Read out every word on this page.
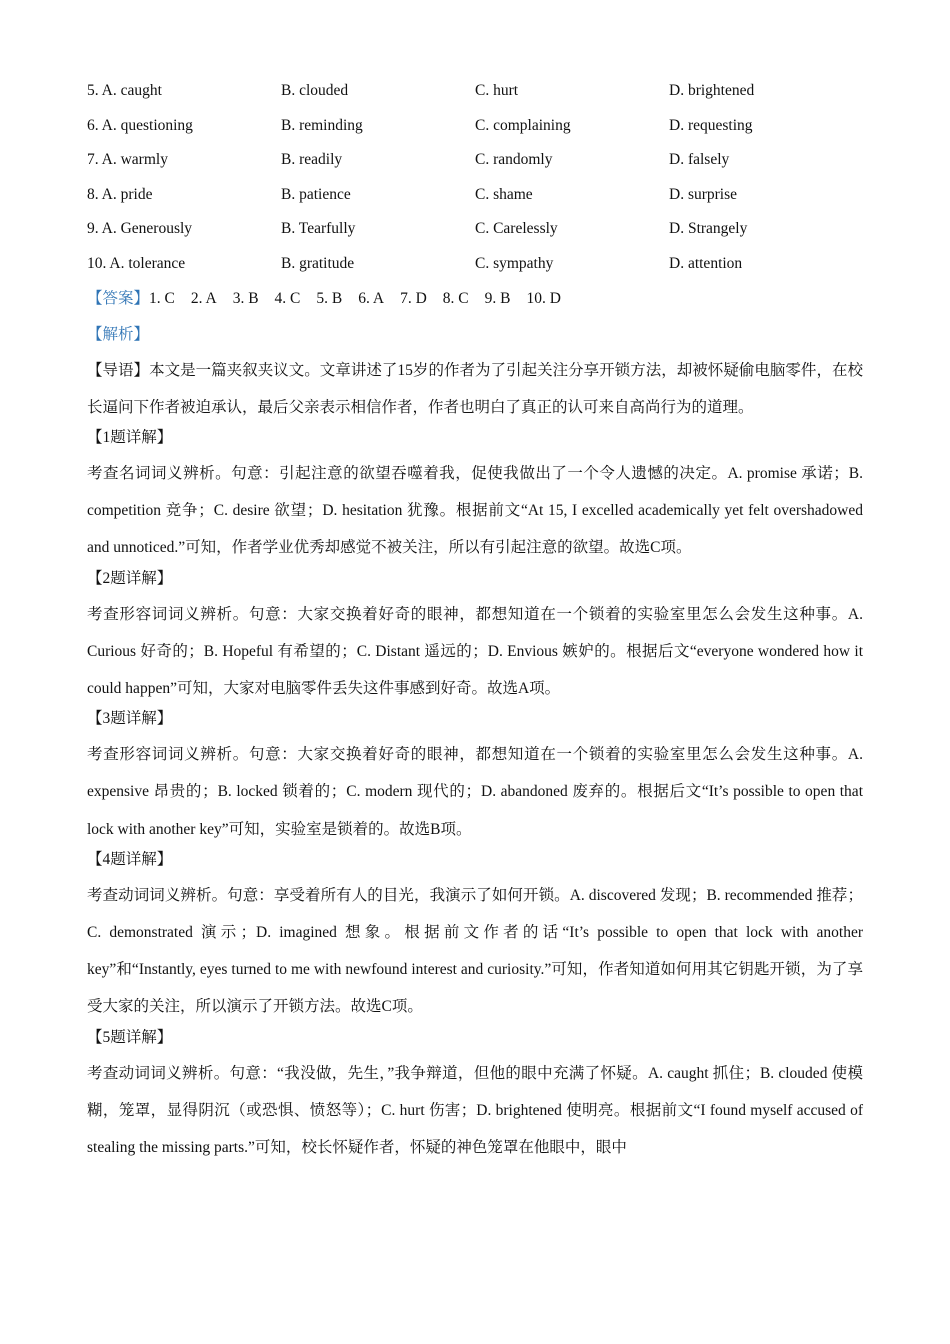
5. A. caught	B. clouded	C. hurt	D. brightened
6. A. questioning	B. reminding	C. complaining	D. requesting
7. A. warmly	B. readily	C. randomly	D. falsely
8. A. pride	B. patience	C. shame	D. surprise
9. A. Generously	B. Tearfully	C. Carelessly	D. Strangely
10. A. tolerance	B. gratitude	C. sympathy	D. attention
【答案】1. C 2. A 3. B 4. C 5. B 6. A 7. D 8. C 9. B 10. D
【解析】

【导语】本文是一篇夹叙夹议文。文章讲述了15岁的作者为了引起关注分享开锁方法，却被怀疑偷电脑零件，在校长逼问下作者被迫承认，最后父亲表示相信作者，作者也明白了真正的认可来自高尚行为的道理。

【1题详解】

考查名词词义辨析。句意：引起注意的欲望吞噬着我，促使我做出了一个令人遗憾的决定。A. promise 承诺；B. competition 竞争；C. desire 欲望；D. hesitation 犹豫。根据前文“At 15, I excelled academically yet felt overshadowed and unnoticed.”可知，作者学业优秀却感觉不被关注，所以有引起注意的欲望。故选C项。

【2题详解】

考查形容词词义辨析。句意：大家交换着好奇的眼神，都想知道在一个锁着的实验室里怎么会发生这种事。A. Curious 好奇的；B. Hopeful 有希望的；C. Distant 遥远的；D. Envious 嫉妒的。根据后文“everyone wondered how it could happen”可知，大家对电脑零件丢失这件事感到好奇。故选A项。

【3题详解】

考查形容词词义辨析。句意：大家交换着好奇的眼神，都想知道在一个锁着的实验室里怎么会发生这种事。A. expensive 昂贵的；B. locked 锁着的；C. modern 现代的；D. abandoned 废弃的。根据后文“It’s possible to open that lock with another key”可知，实验室是锁着的。故选B项。

【4题详解】

考查动词词义辨析。句意：享受着所有人的目光，我演示了如何开锁。A. discovered 发现；B. recommended 推荐；C. demonstrated 演示；D. imagined 想象。根据前文作者的话“It’s possible to open that lock with another key”和“Instantly, eyes turned to me with newfound interest and curiosity.”可知，作者知道如何用其它钥匙开锁，为了享受大家的关注，所以演示了开锁方法。故选C项。

【5题详解】

考查动词词义辨析。句意：“我没做，先生，”我争辩道，但他的眼中充满了怀疑。A. caught 抓住；B. clouded 使模糊，笼罩，显得阴沉（或恐惧、愤怒等）；C. hurt 伤害；D. brightened 使明亮。根据前文“I found myself accused of stealing the missing parts.”可知，校长怀疑作者，怀疑的神色笼罩在他眼中，眼中
